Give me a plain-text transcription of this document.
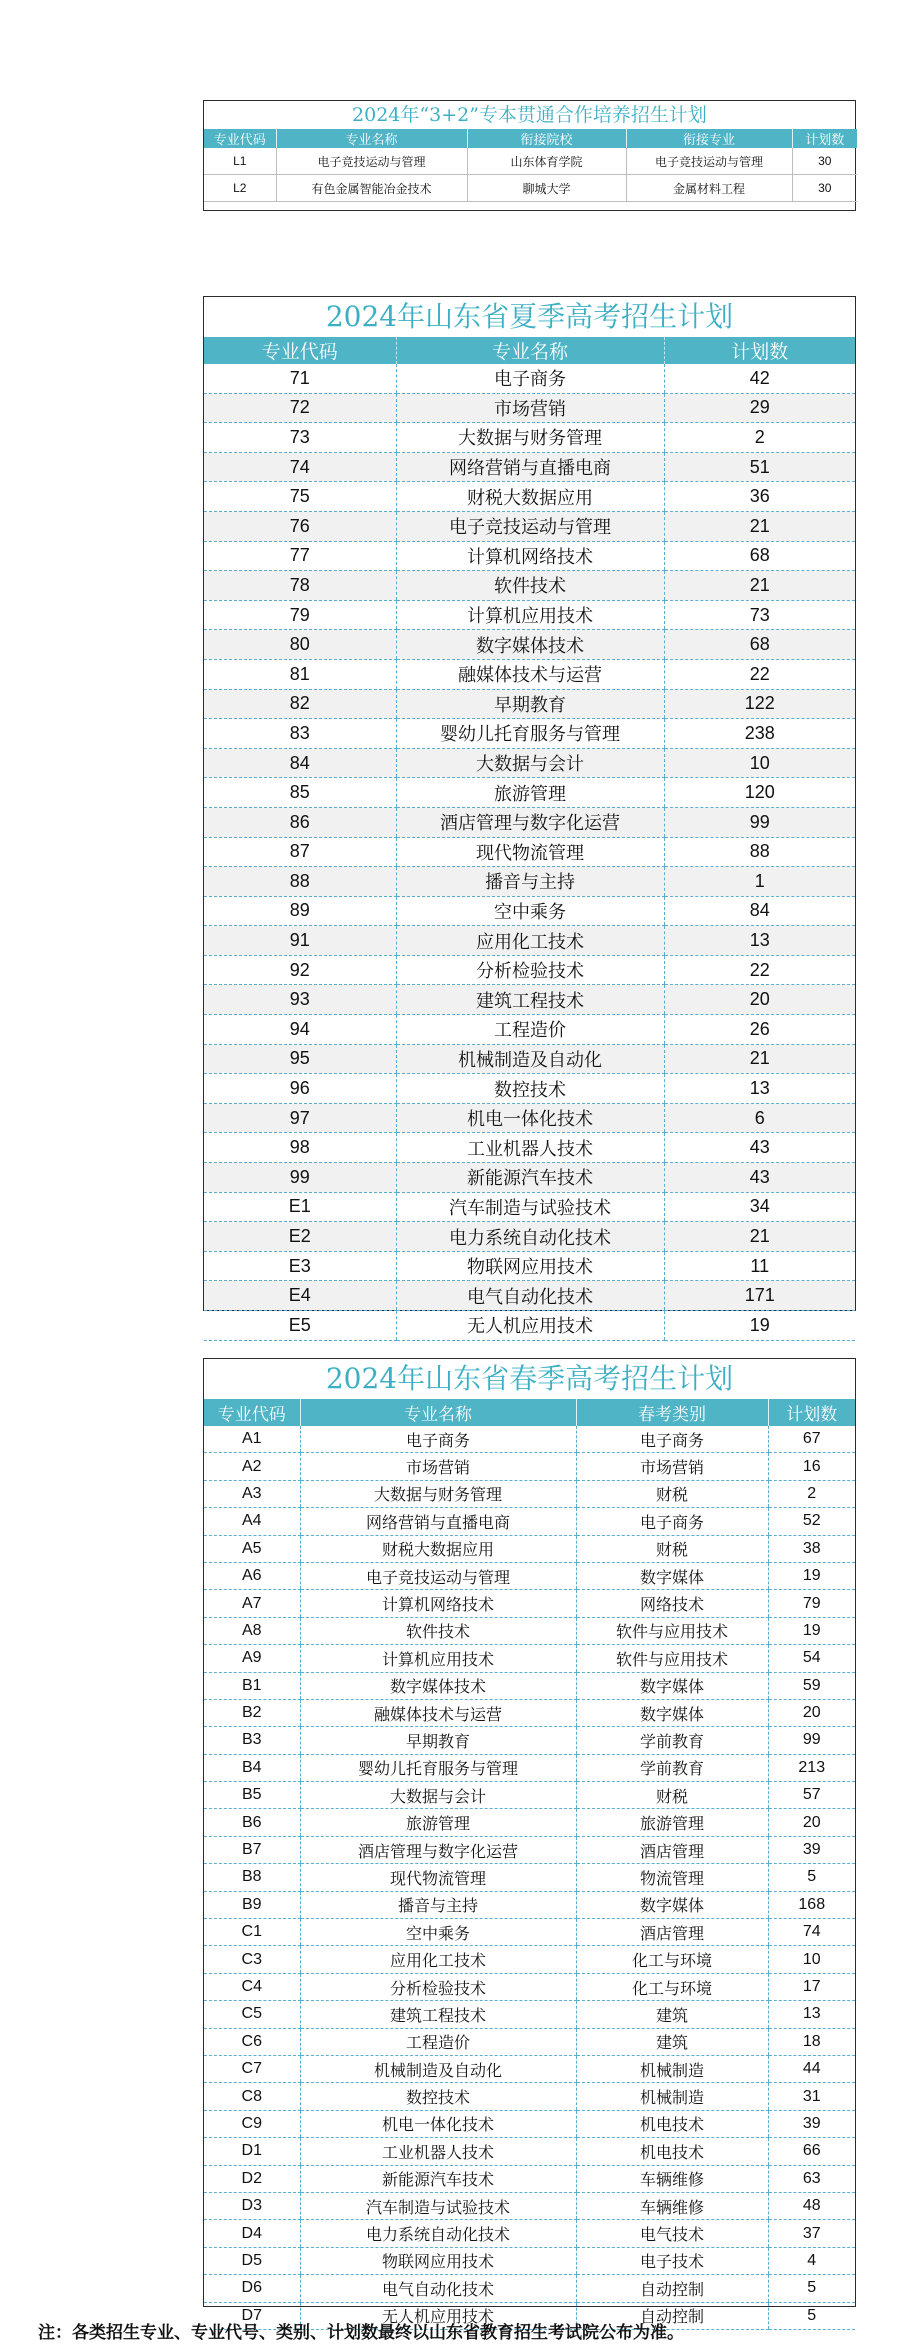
2024年“3+2”专本贯通合作培养招生计划
专业代码	专业名称	衔接院校	衔接专业	计划数
L1	电子竞技运动与管理	山东体育学院	电子竞技运动与管理	30
L2	有色金属智能冶金技术	聊城大学	金属材料工程	30
2024年山东省夏季高考招生计划
专业代码	专业名称	计划数
71	电子商务	42
72	市场营销	29
73	大数据与财务管理	2
74	网络营销与直播电商	51
75	财税大数据应用	36
76	电子竞技运动与管理	21
77	计算机网络技术	68
78	软件技术	21
79	计算机应用技术	73
80	数字媒体技术	68
81	融媒体技术与运营	22
82	早期教育	122
83	婴幼儿托育服务与管理	238
84	大数据与会计	10
85	旅游管理	120
86	酒店管理与数字化运营	99
87	现代物流管理	88
88	播音与主持	1
89	空中乘务	84
91	应用化工技术	13
92	分析检验技术	22
93	建筑工程技术	20
94	工程造价	26
95	机械制造及自动化	21
96	数控技术	13
97	机电一体化技术	6
98	工业机器人技术	43
99	新能源汽车技术	43
E1	汽车制造与试验技术	34
E2	电力系统自动化技术	21
E3	物联网应用技术	11
E4	电气自动化技术	171
E5	无人机应用技术	19
2024年山东省春季高考招生计划
专业代码	专业名称	春考类别	计划数
A1	电子商务	电子商务	67
A2	市场营销	市场营销	16
A3	大数据与财务管理	财税	2
A4	网络营销与直播电商	电子商务	52
A5	财税大数据应用	财税	38
A6	电子竞技运动与管理	数字媒体	19
A7	计算机网络技术	网络技术	79
A8	软件技术	软件与应用技术	19
A9	计算机应用技术	软件与应用技术	54
B1	数字媒体技术	数字媒体	59
B2	融媒体技术与运营	数字媒体	20
B3	早期教育	学前教育	99
B4	婴幼儿托育服务与管理	学前教育	213
B5	大数据与会计	财税	57
B6	旅游管理	旅游管理	20
B7	酒店管理与数字化运营	酒店管理	39
B8	现代物流管理	物流管理	5
B9	播音与主持	数字媒体	168
C1	空中乘务	酒店管理	74
C3	应用化工技术	化工与环境	10
C4	分析检验技术	化工与环境	17
C5	建筑工程技术	建筑	13
C6	工程造价	建筑	18
C7	机械制造及自动化	机械制造	44
C8	数控技术	机械制造	31
C9	机电一体化技术	机电技术	39
D1	工业机器人技术	机电技术	66
D2	新能源汽车技术	车辆维修	63
D3	汽车制造与试验技术	车辆维修	48
D4	电力系统自动化技术	电气技术	37
D5	物联网应用技术	电子技术	4
D6	电气自动化技术	自动控制	5
D7	无人机应用技术	自动控制	5
注：各类招生专业、专业代号、类别、计划数最终以山东省教育招生考试院公布为准。
